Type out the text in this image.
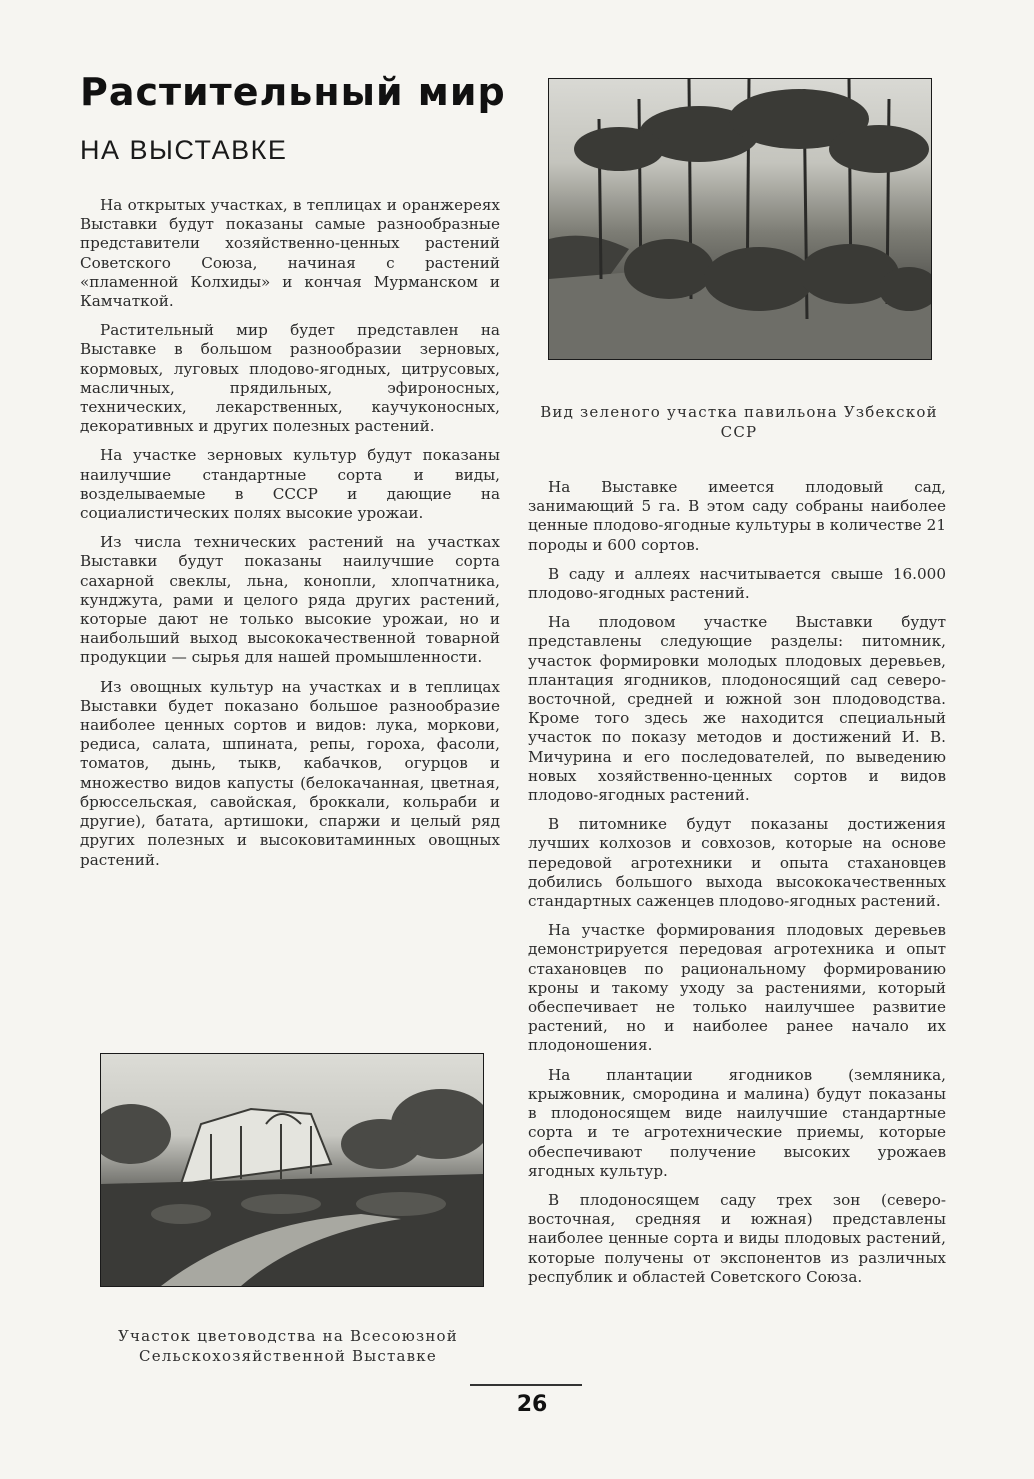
Растительный мир
НА ВЫСТАВКЕ

На открытых участках, в теплицах и оранжереях Выставки будут показаны самые разнообразные представители хозяйственно-ценных растений Советского Союза, начиная с растений «пламенной Колхиды» и кончая Мурманском и Камчаткой.

Растительный мир будет представлен на Выставке в большом разнообразии зерновых, кормовых, луговых плодово-ягодных, цитрусовых, масличных, прядильных, эфироносных, технических, лекарственных, каучуконосных, декоративных и других полезных растений.

На участке зерновых культур будут показаны наилучшие стандартные сорта и виды, возделываемые в СССР и дающие на социалистических полях высокие урожаи.

Из числа технических растений на участках Выставки будут показаны наилучшие сорта сахарной свеклы, льна, конопли, хлопчатника, кунджута, рами и целого ряда других растений, которые дают не только высокие урожаи, но и наибольший выход высококачественной товарной продукции — сырья для нашей промышленности.

Из овощных культур на участках и в теплицах Выставки будет показано большое разнообразие наиболее ценных сортов и видов: лука, моркови, редиса, салата, шпината, репы, гороха, фасоли, томатов, дынь, тыкв, кабачков, огурцов и множество видов капусты (белокачанная, цветная, брюссельская, савойская, броккали, кольраби и другие), батата, артишоки, спаржи и целый ряд других полезных и высоковитаминных овощных растений.

Вид зеленого участка павильона Узбекской ССР

На Выставке имеется плодовый сад, занимающий 5 га. В этом саду собраны наиболее ценные плодово-ягодные культуры в количестве 21 породы и 600 сортов.

В саду и аллеях насчитывается свыше 16.000 плодово-ягодных растений.

На плодовом участке Выставки будут представлены следующие разделы: питомник, участок формировки молодых плодовых деревьев, плантация ягодников, плодоносящий сад северо-восточной, средней и южной зон плодоводства. Кроме того здесь же находится специальный участок по показу методов и достижений И. В. Мичурина и его последователей, по выведению новых хозяйственно-ценных сортов и видов плодово-ягодных растений.

В питомнике будут показаны достижения лучших колхозов и совхозов, которые на основе передовой агротехники и опыта стахановцев добились большого выхода высококачественных стандартных саженцев плодово-ягодных растений.

На участке формирования плодовых деревьев демонстрируется передовая агротехника и опыт стахановцев по рациональному формированию кроны и такому уходу за растениями, который обеспечивает не только наилучшее развитие растений, но и наиболее ранее начало их плодоношения.

На плантации ягодников (земляника, крыжовник, смородина и малина) будут показаны в плодоносящем виде наилучшие стандартные сорта и те агротехнические приемы, которые обеспечивают получение высоких урожаев ягодных культур.

В плодоносящем саду трех зон (северо-восточная, средняя и южная) представлены наиболее ценные сорта и виды плодовых растений, которые получены от экспонентов из различных республик и областей Советского Союза.

Участок цветоводства на Всесоюзной Сельскохозяйственной Выставке
26
